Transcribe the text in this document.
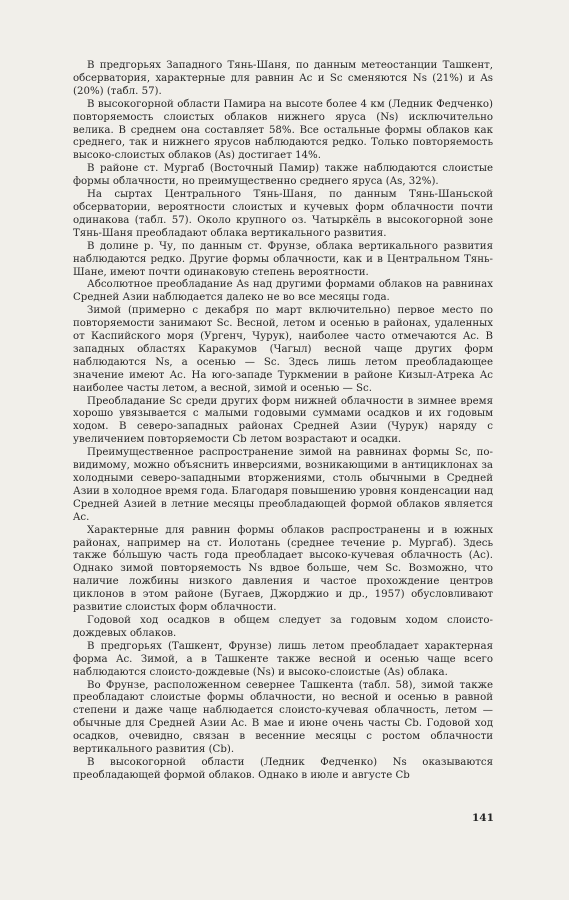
В предгорьях Западного Тянь-Шаня, по данным метеостанции Ташкент, обсерватория, характерные для равнин Ac и Sc сменяются Ns (21%) и As (20%) (табл. 57).

В высокогорной области Памира на высоте более 4 км (Ледник Федченко) повторяемость слоистых облаков нижнего яруса (Ns) исключительно велика. В среднем она составляет 58%. Все остальные формы облаков как среднего, так и нижнего ярусов наблюдаются редко. Только повторяемость высоко-слоистых облаков (As) достигает 14%.

В районе ст. Мургаб (Восточный Памир) также наблюдаются слоистые формы облачности, но преимущественно среднего яруса (As, 32%).

На сыртах Центрального Тянь-Шаня, по данным Тянь-Шаньской обсерватории, вероятности слоистых и кучевых форм облачности почти одинакова (табл. 57). Около крупного оз. Чатыркёль в высокогорной зоне Тянь-Шаня преобладают облака вертикального развития.

В долине р. Чу, по данным ст. Фрунзе, облака вертикального развития наблюдаются редко. Другие формы облачности, как и в Центральном Тянь-Шане, имеют почти одинаковую степень вероятности.

Абсолютное преобладание As над другими формами облаков на равнинах Средней Азии наблюдается далеко не во все месяцы года.

Зимой (примерно с декабря по март включительно) первое место по повторяемости занимают Sc. Весной, летом и осенью в районах, удаленных от Каспийского моря (Ургенч, Чурук), наиболее часто отмечаются Ac. В западных областях Каракумов (Чагыл) весной чаще других форм наблюдаются Ns, а осенью — Sc. Здесь лишь летом преобладающее значение имеют Ac. На юго-западе Туркмении в районе Кизыл-Атрека Ac наиболее часты летом, а весной, зимой и осенью — Sc.

Преобладание Sc среди других форм нижней облачности в зимнее время хорошо увязывается с малыми годовыми суммами осадков и их годовым ходом. В северо-западных районах Средней Азии (Чурук) наряду с увеличением повторяемости Cb летом возрастают и осадки.

Преимущественное распространение зимой на равнинах формы Sc, по-видимому, можно объяснить инверсиями, возникающими в антициклонах за холодными северо-западными вторжениями, столь обычными в Средней Азии в холодное время года. Благодаря повышению уровня конденсации над Средней Азией в летние месяцы преобладающей формой облаков является Ac.

Характерные для равнин формы облаков распространены и в южных районах, например на ст. Иолотань (среднее течение р. Мургаб). Здесь также бо́льшую часть года преобладает высоко-кучевая облачность (Ac). Однако зимой повторяемость Ns вдвое больше, чем Sc. Возможно, что наличие ложбины низкого давления и частое прохождение центров циклонов в этом районе (Бугаев, Джорджио и др., 1957) обусловливают развитие слоистых форм облачности.

Годовой ход осадков в общем следует за годовым ходом слоисто-дождевых облаков.

В предгорьях (Ташкент, Фрунзе) лишь летом преобладает характерная форма Ac. Зимой, а в Ташкенте также весной и осенью чаще всего наблюдаются слоисто-дождевые (Ns) и высоко-слоистые (As) облака.

Во Фрунзе, расположенном севернее Ташкента (табл. 58), зимой также преобладают слоистые формы облачности, но весной и осенью в равной степени и даже чаще наблюдается слоисто-кучевая облачность, летом — обычные для Средней Азии Ac. В мае и июне очень часты Cb. Годовой ход осадков, очевидно, связан в весенние месяцы с ростом облачности вертикального развития (Cb).

В высокогорной области (Ледник Федченко) Ns оказываются преобладающей формой облаков. Однако в июле и августе Cb

141
